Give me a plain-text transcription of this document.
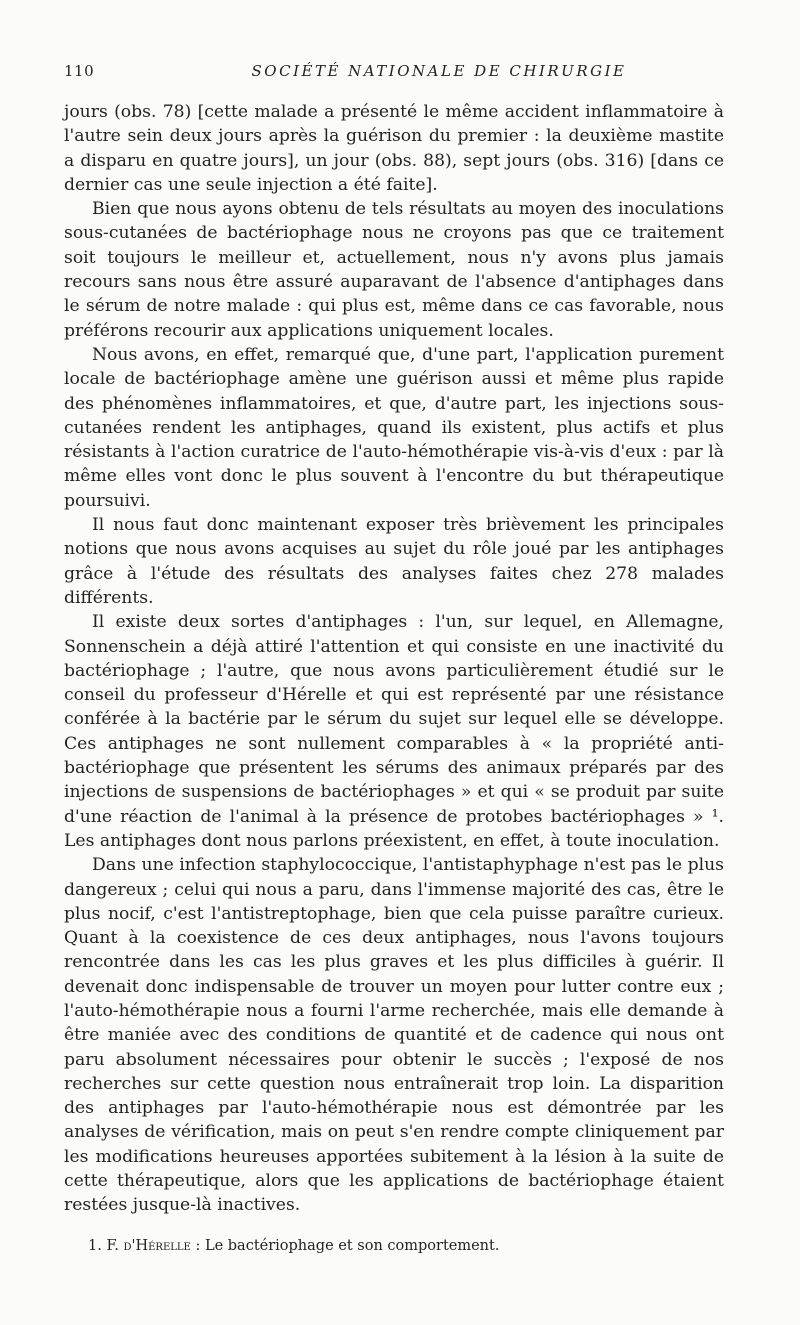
110	SOCIÉTÉ NATIONALE DE CHIRURGIE

jours (obs. 78) [cette malade a présenté le même accident inflammatoire à l'autre sein deux jours après la guérison du premier : la deuxième mastite a disparu en quatre jours], un jour (obs. 88), sept jours (obs. 316) [dans ce dernier cas une seule injection a été faite].

Bien que nous ayons obtenu de tels résultats au moyen des inoculations sous-cutanées de bactériophage nous ne croyons pas que ce traitement soit toujours le meilleur et, actuellement, nous n'y avons plus jamais recours sans nous être assuré auparavant de l'absence d'antiphages dans le sérum de notre malade : qui plus est, même dans ce cas favorable, nous préférons recourir aux applications uniquement locales.

Nous avons, en effet, remarqué que, d'une part, l'application purement locale de bactériophage amène une guérison aussi et même plus rapide des phénomènes inflammatoires, et que, d'autre part, les injections sous-cutanées rendent les antiphages, quand ils existent, plus actifs et plus résistants à l'action curatrice de l'auto-hémothérapie vis-à-vis d'eux : par là même elles vont donc le plus souvent à l'encontre du but thérapeutique poursuivi.

Il nous faut donc maintenant exposer très brièvement les principales notions que nous avons acquises au sujet du rôle joué par les antiphages grâce à l'étude des résultats des analyses faites chez 278 malades différents.

Il existe deux sortes d'antiphages : l'un, sur lequel, en Allemagne, Sonnenschein a déjà attiré l'attention et qui consiste en une inactivité du bactériophage ; l'autre, que nous avons particulièrement étudié sur le conseil du professeur d'Hérelle et qui est représenté par une résistance conférée à la bactérie par le sérum du sujet sur lequel elle se développe. Ces antiphages ne sont nullement comparables à « la propriété anti-bactériophage que présentent les sérums des animaux préparés par des injections de suspensions de bactériophages » et qui « se produit par suite d'une réaction de l'animal à la présence de protobes bactériophages » ¹. Les antiphages dont nous parlons préexistent, en effet, à toute inoculation.

Dans une infection staphylococcique, l'antistaphyphage n'est pas le plus dangereux ; celui qui nous a paru, dans l'immense majorité des cas, être le plus nocif, c'est l'antistreptophage, bien que cela puisse paraître curieux. Quant à la coexistence de ces deux antiphages, nous l'avons toujours rencontrée dans les cas les plus graves et les plus difficiles à guérir. Il devenait donc indispensable de trouver un moyen pour lutter contre eux ; l'auto-hémothérapie nous a fourni l'arme recherchée, mais elle demande à être maniée avec des conditions de quantité et de cadence qui nous ont paru absolument nécessaires pour obtenir le succès ; l'exposé de nos recherches sur cette question nous entraînerait trop loin. La disparition des antiphages par l'auto-hémothérapie nous est démontrée par les analyses de vérification, mais on peut s'en rendre compte cliniquement par les modifications heureuses apportées subitement à la lésion à la suite de cette thérapeutique, alors que les applications de bactériophage étaient restées jusque-là inactives.

1. F. d'Hérelle : Le bactériophage et son comportement.
